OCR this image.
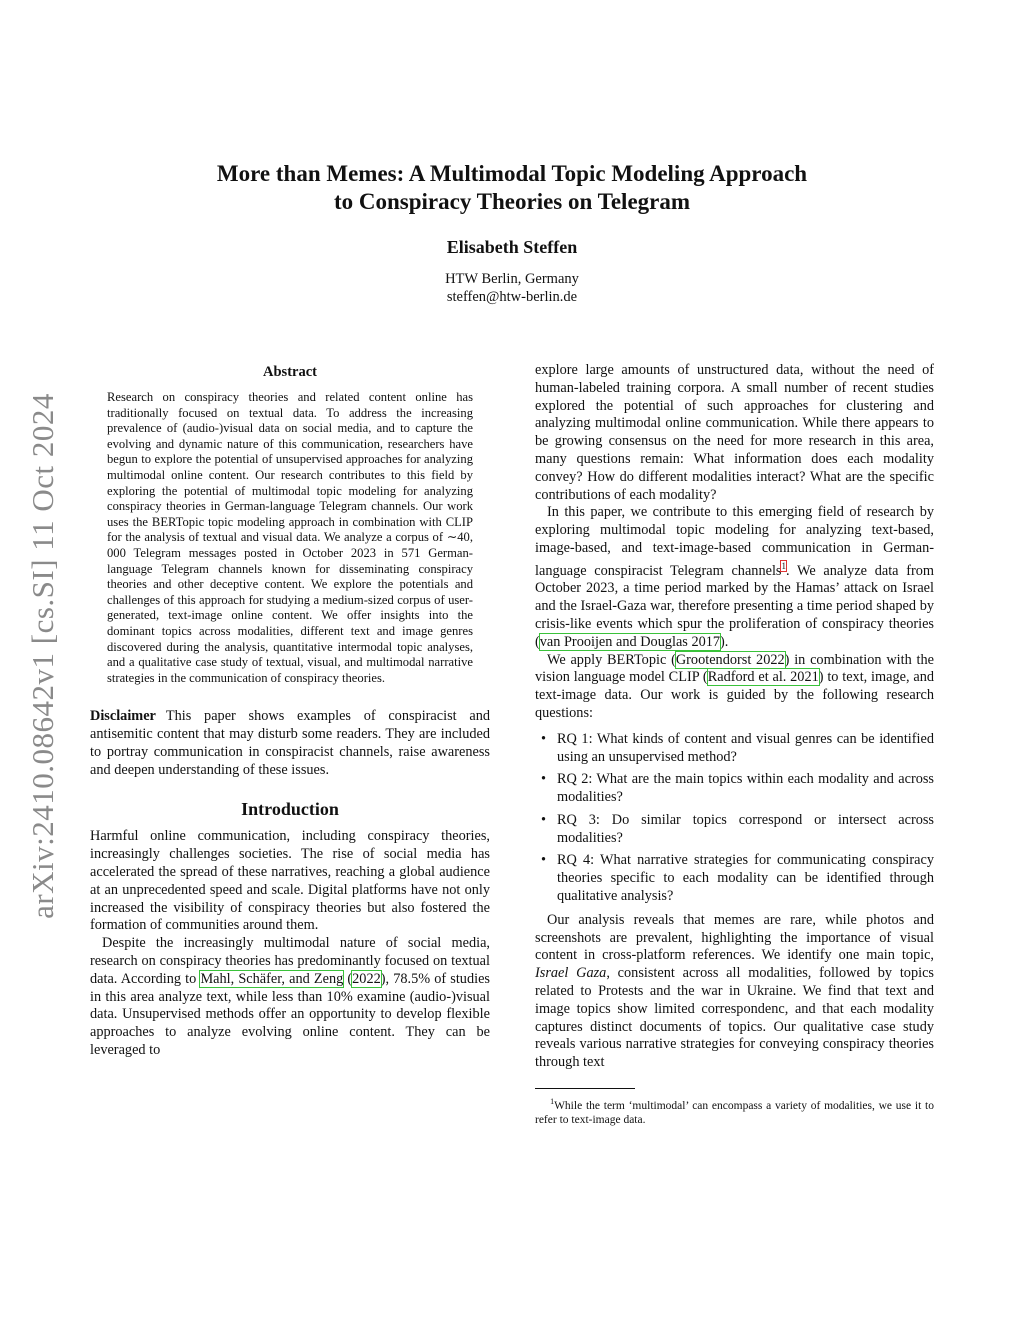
arXiv:2410.08642v1 [cs.SI] 11 Oct 2024
More than Memes: A Multimodal Topic Modeling Approach
to Conspiracy Theories on Telegram
Elisabeth Steffen
HTW Berlin, Germany
steffen@htw-berlin.de
Abstract

Research on conspiracy theories and related content online has traditionally focused on textual data. To address the increasing prevalence of (audio-)visual data on social media, and to capture the evolving and dynamic nature of this communication, researchers have begun to explore the potential of unsupervised approaches for analyzing multimodal online content. Our research contributes to this field by exploring the potential of multimodal topic modeling for analyzing conspiracy theories in German-language Telegram channels. Our work uses the BERTopic topic modeling approach in combination with CLIP for the analysis of textual and visual data. We analyze a corpus of ∼40, 000 Telegram messages posted in October 2023 in 571 German-language Telegram channels known for disseminating conspiracy theories and other deceptive content. We explore the potentials and challenges of this approach for studying a medium-sized corpus of user-generated, text-image online content. We offer insights into the dominant topics across modalities, different text and image genres discovered during the analysis, quantitative intermodal topic analyses, and a qualitative case study of textual, visual, and multimodal narrative strategies in the communication of conspiracy theories.

Disclaimer This paper shows examples of conspiracist and antisemitic content that may disturb some readers. They are included to portray communication in conspiracist channels, raise awareness and deepen understanding of these issues.

Introduction

Harmful online communication, including conspiracy theories, increasingly challenges societies. The rise of social media has accelerated the spread of these narratives, reaching a global audience at an unprecedented speed and scale. Digital platforms have not only increased the visibility of conspiracy theories but also fostered the formation of communities around them.

Despite the increasingly multimodal nature of social media, research on conspiracy theories has predominantly focused on textual data. According to Mahl, Schäfer, and Zeng (2022), 78.5% of studies in this area analyze text, while less than 10% examine (audio-)visual data. Unsupervised methods offer an opportunity to develop flexible approaches to analyze evolving online content. They can be leveraged to

explore large amounts of unstructured data, without the need of human-labeled training corpora. A small number of recent studies explored the potential of such approaches for clustering and analyzing multimodal online communication. While there appears to be growing consensus on the need for more research in this area, many questions remain: What information does each modality convey? How do different modalities interact? What are the specific contributions of each modality?

In this paper, we contribute to this emerging field of research by exploring multimodal topic modeling for analyzing text-based, image-based, and text-image-based communication in German-language conspiracist Telegram channels$^1$. We analyze data from October 2023, a time period marked by the Hamas’ attack on Israel and the Israel-Gaza war, therefore presenting a time period shaped by crisis-like events which spur the proliferation of conspiracy theories (van Prooijen and Douglas 2017).

We apply BERTopic (Grootendorst 2022) in combination with the vision language model CLIP (Radford et al. 2021) to text, image, and text-image data. Our work is guided by the following research questions:

• RQ 1: What kinds of content and visual genres can be identified using an unsupervised method?
• RQ 2: What are the main topics within each modality and across modalities?
• RQ 3: Do similar topics correspond or intersect across modalities?
• RQ 4: What narrative strategies for communicating conspiracy theories specific to each modality can be identified through qualitative analysis?

Our analysis reveals that memes are rare, while photos and screenshots are prevalent, highlighting the importance of visual content in cross-platform references. We identify one main topic, Israel Gaza, consistent across all modalities, followed by topics related to Protests and the war in Ukraine. We find that text and image topics show limited correspondenc, and that each modality captures distinct documents of topics. Our qualitative case study reveals various narrative strategies for conveying conspiracy theories through text

$^1$While the term ‘multimodal’ can encompass a variety of modalities, we use it to refer to text-image data.
